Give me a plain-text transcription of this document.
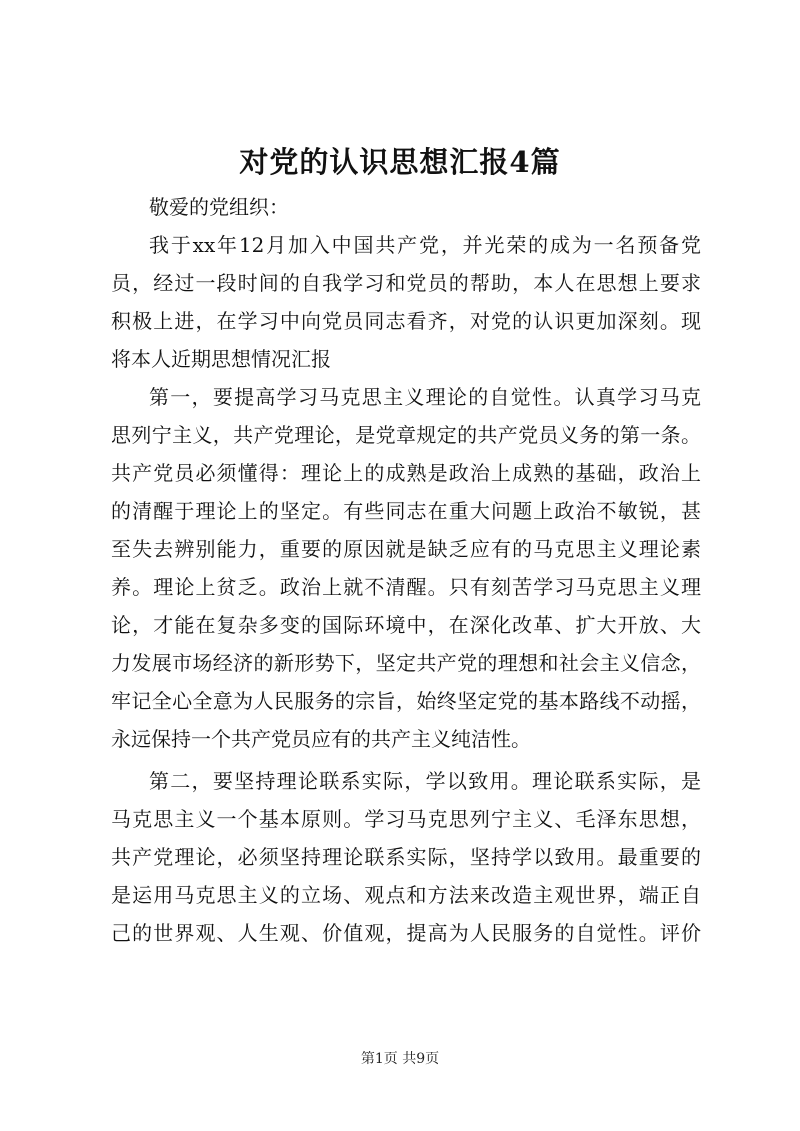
对党的认识思想汇报4篇
敬爱的党组织：
我于xx年12月加入中国共产党，并光荣的成为一名预备党
员，经过一段时间的自我学习和党员的帮助，本人在思想上要求
积极上进，在学习中向党员同志看齐，对党的认识更加深刻。现
将本人近期思想情况汇报
第一，要提高学习马克思主义理论的自觉性。认真学习马克
思列宁主义，共产党理论，是党章规定的共产党员义务的第一条。
共产党员必须懂得：理论上的成熟是政治上成熟的基础，政治上
的清醒于理论上的坚定。有些同志在重大问题上政治不敏锐，甚
至失去辨别能力，重要的原因就是缺乏应有的马克思主义理论素
养。理论上贫乏。政治上就不清醒。只有刻苦学习马克思主义理
论，才能在复杂多变的国际环境中，在深化改革、扩大开放、大
力发展市场经济的新形势下，坚定共产党的理想和社会主义信念，
牢记全心全意为人民服务的宗旨，始终坚定党的基本路线不动摇，
永远保持一个共产党员应有的共产主义纯洁性。
第二，要坚持理论联系实际，学以致用。理论联系实际，是
马克思主义一个基本原则。学习马克思列宁主义、毛泽东思想，
共产党理论，必须坚持理论联系实际，坚持学以致用。最重要的
是运用马克思主义的立场、观点和方法来改造主观世界，端正自
己的世界观、人生观、价值观，提高为人民服务的自觉性。评价
第1页 共9页
